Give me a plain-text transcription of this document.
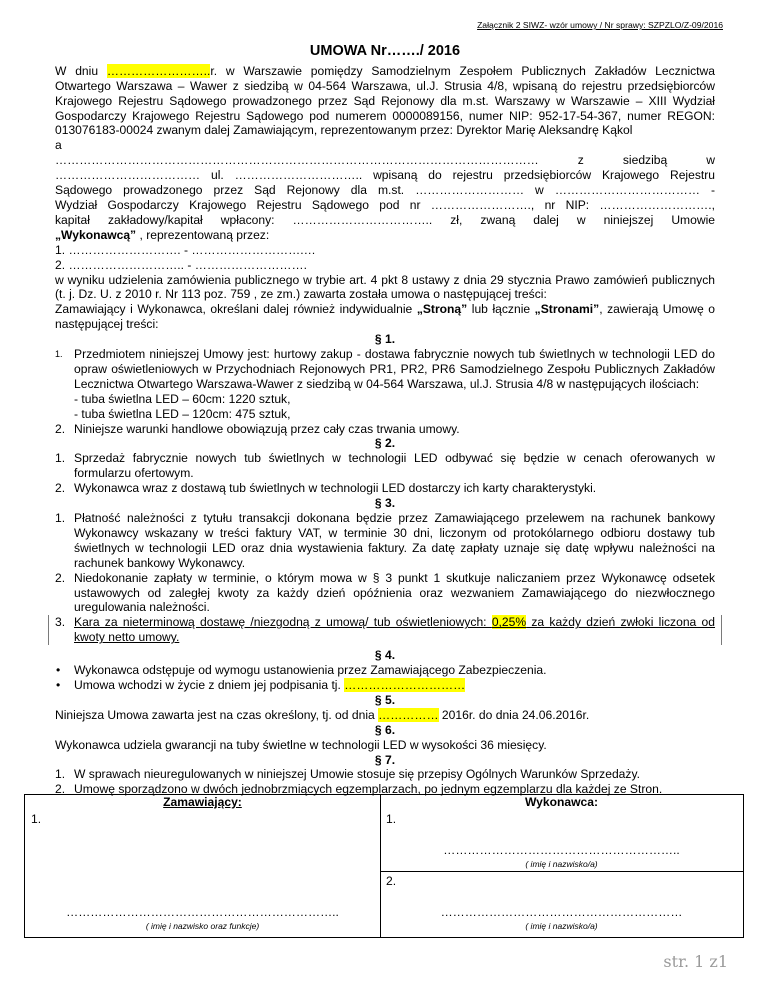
Załącznik 2 SIWZ- wzór umowy / Nr sprawy: SZPZLO/Z-09/2016
UMOWA Nr……./ 2016

W dniu ……………………..r. w Warszawie pomiędzy Samodzielnym Zespołem Publicznych Zakładów Lecznictwa Otwartego Warszawa – Wawer z siedzibą w 04-564 Warszawa, ul.J. Strusia 4/8, wpisaną do rejestru przedsiębiorców Krajowego Rejestru Sądowego prowadzonego przez Sąd Rejonowy dla m.st. Warszawy w Warszawie – XIII Wydział Gospodarczy Krajowego Rejestru Sądowego pod numerem 0000089156, numer NIP: 952-17-54-367, numer REGON: 013076183-00024 zwanym dalej Zamawiającym, reprezentowanym przez: Dyrektor Marię Aleksandrę Kąkol

a

………………………………………………………………………………………………………… z siedzibą w

……………………………… ul. ………………………….. wpisaną do rejestru przedsiębiorców Krajowego Rejestru

Sądowego prowadzonego przez Sąd Rejonowy dla m.st. ……………………… w ……………………………… -

Wydział Gospodarczy Krajowego Rejestru Sądowego pod nr ……………………., nr NIP: ……………………….,

kapitał zakładowy/kapitał wpłacony: …………………………….. zł, zwaną dalej w niniejszej Umowie

„Wykonawcą” , reprezentowaną przez:

1. ………………………. - ……………………….…

2. ……………………….. - ……………………….

w wyniku udzielenia zamówienia publicznego w trybie art. 4 pkt 8 ustawy z dnia 29 stycznia Prawo zamówień publicznych (t. j. Dz. U. z 2010 r. Nr 113 poz. 759 , ze zm.) zawarta została umowa o następującej treści:

Zamawiający i Wykonawca, określani dalej również indywidualnie „Stroną” lub łącznie „Stronami”, zawierają Umowę o następującej treści:

§ 1.
1. Przedmiotem niniejszej Umowy jest: hurtowy zakup - dostawa fabrycznie nowych tub świetlnych w technologii LED do opraw oświetleniowych w Przychodniach Rejonowych PR1, PR2, PR6 Samodzielnego Zespołu Publicznych Zakładów Lecznictwa Otwartego Warszawa-Wawer z siedzibą w 04-564 Warszawa, ul.J. Strusia 4/8 w następujących ilościach:
- tuba świetlna LED – 60cm: 1220 sztuk,
- tuba świetlna LED – 120cm: 475 sztuk,
2. Niniejsze warunki handlowe obowiązują przez cały czas trwania umowy.
§ 2.
1. Sprzedaż fabrycznie nowych tub świetlnych w technologii LED odbywać się będzie w cenach oferowanych w formularzu ofertowym.
2. Wykonawca wraz z dostawą tub świetlnych w technologii LED dostarczy ich karty charakterystyki.
§ 3.
1. Płatność należności z tytułu transakcji dokonana będzie przez Zamawiającego przelewem na rachunek bankowy Wykonawcy wskazany w treści faktury VAT, w terminie 30 dni, liczonym od protokólarnego odbioru dostawy tub świetlnych w technologii LED oraz dnia wystawienia faktury. Za datę zapłaty uznaje się datę wpływu należności na rachunek bankowy Wykonawcy.
2. Niedokonanie zapłaty w terminie, o którym mowa w § 3 punkt 1 skutkuje naliczaniem przez Wykonawcę odsetek ustawowych od zaległej kwoty za każdy dzień opóźnienia oraz wezwaniem Zamawiającego do niezwłocznego uregulowania należności.
3. Kara za nieterminową dostawę /niezgodną z umową/ tub oświetleniowych: 0,25% za każdy dzień zwłoki liczona od kwoty netto umowy.
§ 4.
• Wykonawca odstępuje od wymogu ustanowienia przez Zamawiającego Zabezpieczenia.
• Umowa wchodzi w życie z dniem jej podpisania tj. …………………………
§ 5.

Niniejsza Umowa zawarta jest na czas określony, tj. od dnia …………… 2016r. do dnia 24.06.2016r.

§ 6.

Wykonawca udziela gwarancji na tuby świetlne w technologii LED w wysokości 36 miesięcy.

§ 7.
1. W sprawach nieuregulowanych w niniejszej Umowie stosuje się przepisy Ogólnych Warunków Sprzedaży.
2. Umowę sporządzono w dwóch jednobrzmiących egzemplarzach, po jednym egzemplarzu dla każdej ze Stron.
Zamawiający:
1.
…………………………………………………………..
( imię i nazwisko oraz funkcje)
Wykonawca:
1.
…………………………………………………..
( imię i nazwisko/a)
2.
……………………………………………………
( imię i nazwisko/a)
str. 1 z1
